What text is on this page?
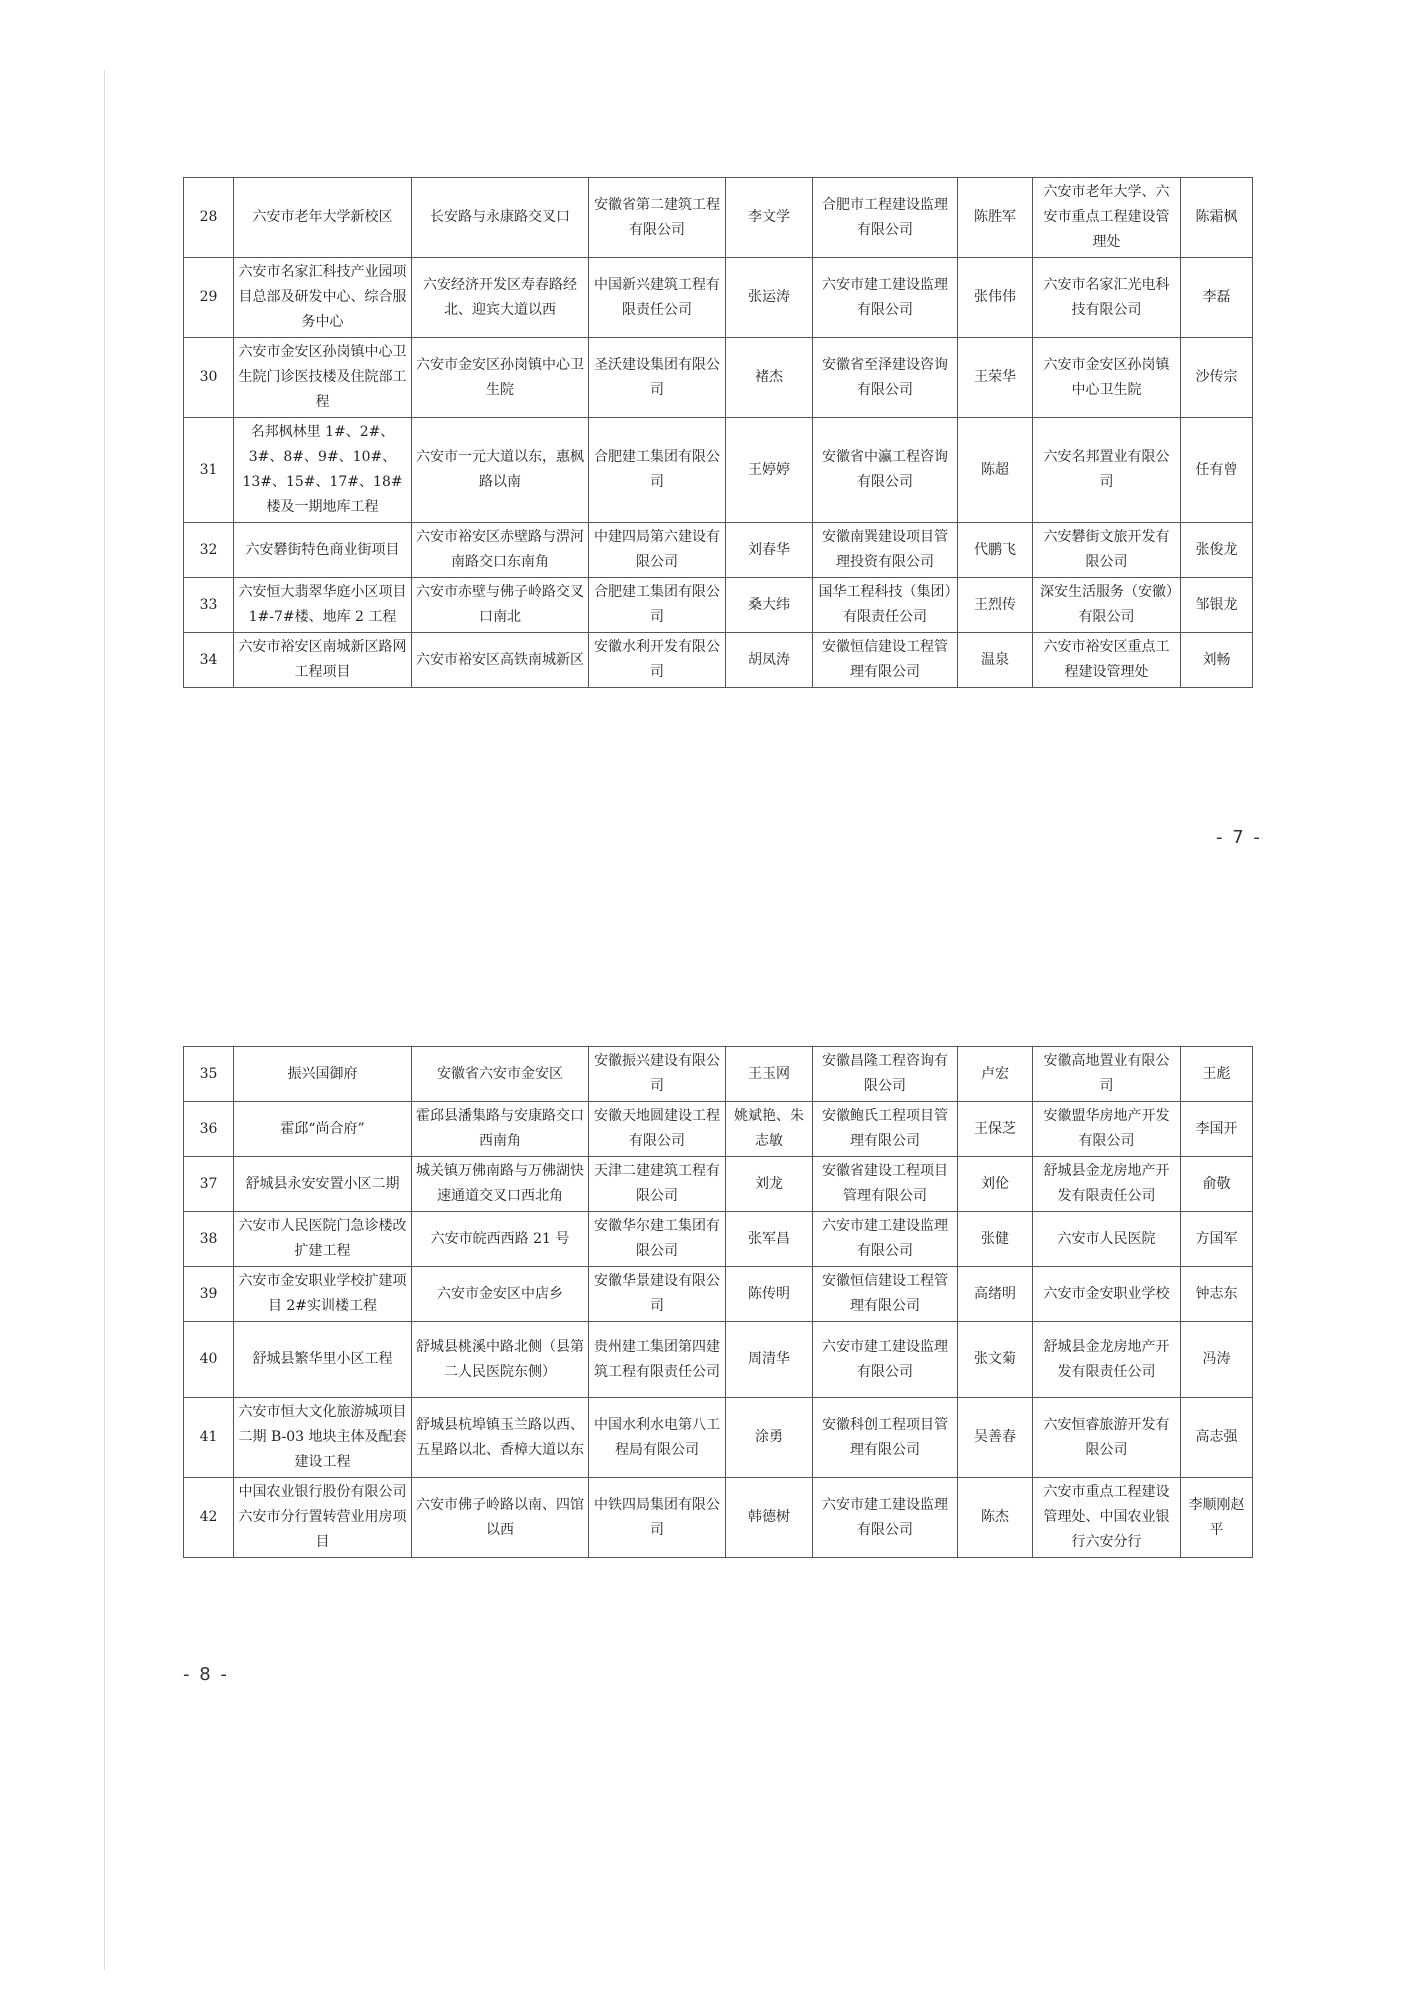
28	六安市老年大学新校区	长安路与永康路交叉口	安徽省第二建筑工程有限公司	李文学	合肥市工程建设监理有限公司	陈胜军	六安市老年大学、六安市重点工程建设管理处	陈霜枫
29	六安市名家汇科技产业园项目总部及研发中心、综合服务中心	六安经济开发区寿春路经北、迎宾大道以西	中国新兴建筑工程有限责任公司	张运涛	六安市建工建设监理有限公司	张伟伟	六安市名家汇光电科技有限公司	李磊
30	六安市金安区孙岗镇中心卫生院门诊医技楼及住院部工程	六安市金安区孙岗镇中心卫生院	圣沃建设集团有限公司	褚杰	安徽省至泽建设咨询有限公司	王荣华	六安市金安区孙岗镇中心卫生院	沙传宗
31	名邦枫林里 1#、2#、3#、8#、9#、10#、13#、15#、17#、18#楼及一期地库工程	六安市一元大道以东，惠枫路以南	合肥建工集团有限公司	王婷婷	安徽省中瀛工程咨询有限公司	陈超	六安名邦置业有限公司	任有曾
32	六安礬街特色商业街项目	六安市裕安区赤壁路与淠河南路交口东南角	中建四局第六建设有限公司	刘春华	安徽南巽建设项目管理投资有限公司	代鹏飞	六安礬街文旅开发有限公司	张俊龙
33	六安恒大翡翠华庭小区项目 1#-7#楼、地库 2 工程	六安市赤壁与佛子岭路交叉口南北	合肥建工集团有限公司	桑大纬	国华工程科技（集团）有限责任公司	王烈传	深安生活服务（安徽）有限公司	邹银龙
34	六安市裕安区南城新区路网工程项目	六安市裕安区高铁南城新区	安徽水利开发有限公司	胡凤涛	安徽恒信建设工程管理有限公司	温泉	六安市裕安区重点工程建设管理处	刘畅
- 7 -
35	振兴国御府	安徽省六安市金安区	安徽振兴建设有限公司	王玉网	安徽昌隆工程咨询有限公司	卢宏	安徽高地置业有限公司	王彪
36	霍邱“尚合府”	霍邱县潘集路与安康路交口西南角	安徽天地圆建设工程有限公司	姚斌艳、朱志敏	安徽鲍氏工程项目管理有限公司	王保芝	安徽盟华房地产开发有限公司	李国开
37	舒城县永安安置小区二期	城关镇万佛南路与万佛湖快速通道交叉口西北角	天津二建建筑工程有限公司	刘龙	安徽省建设工程项目管理有限公司	刘伦	舒城县金龙房地产开发有限责任公司	俞敬
38	六安市人民医院门急诊楼改扩建工程	六安市皖西西路 21 号	安徽华尔建工集团有限公司	张军昌	六安市建工建设监理有限公司	张健	六安市人民医院	方国军
39	六安市金安职业学校扩建项目 2#实训楼工程	六安市金安区中店乡	安徽华景建设有限公司	陈传明	安徽恒信建设工程管理有限公司	高绪明	六安市金安职业学校	钟志东
40	舒城县繁华里小区工程	舒城县桃溪中路北侧（县第二人民医院东侧）	贵州建工集团第四建筑工程有限责任公司	周清华	六安市建工建设监理有限公司	张文菊	舒城县金龙房地产开发有限责任公司	冯涛
41	六安市恒大文化旅游城项目二期 B-03 地块主体及配套建设工程	舒城县杭埠镇玉兰路以西、五星路以北、香樟大道以东	中国水利水电第八工程局有限公司	涂勇	安徽科创工程项目管理有限公司	吴善春	六安恒睿旅游开发有限公司	高志强
42	中国农业银行股份有限公司六安市分行置转营业用房项目	六安市佛子岭路以南、四馆以西	中铁四局集团有限公司	韩德树	六安市建工建设监理有限公司	陈杰	六安市重点工程建设管理处、中国农业银行六安分行	李顺刚赵平
- 8 -
